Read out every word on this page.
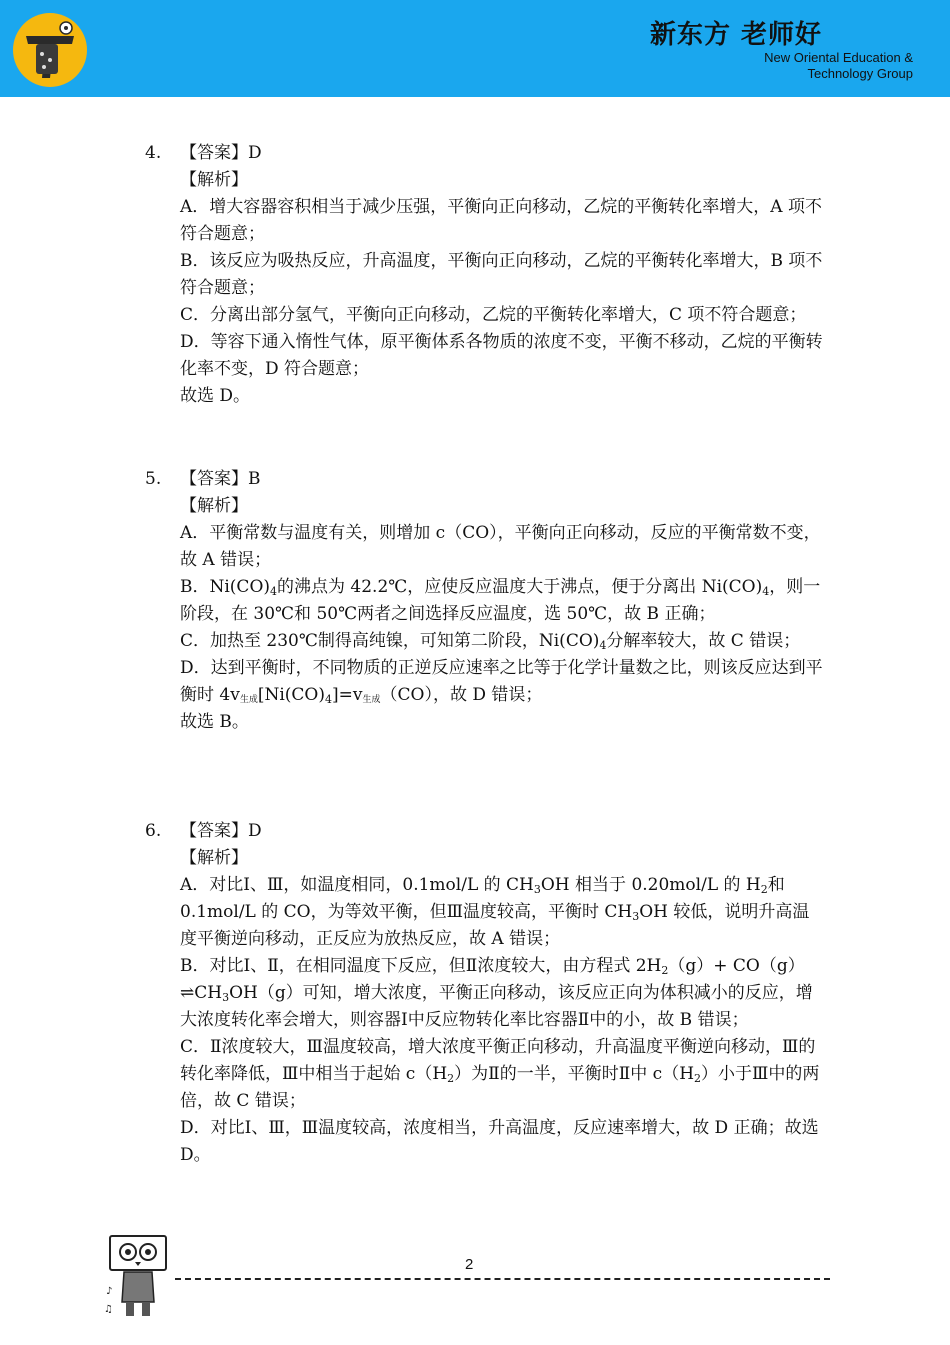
新东方 老师好
New Oriental Education &
Technology Group
4. 【答案】D

【解析】

A．增大容器容积相当于减少压强，平衡向正向移动，乙烷的平衡转化率增大，A 项不符合题意；

B．该反应为吸热反应，升高温度，平衡向正向移动，乙烷的平衡转化率增大，B 项不符合题意；

C．分离出部分氢气，平衡向正向移动，乙烷的平衡转化率增大，C 项不符合题意；

D．等容下通入惰性气体，原平衡体系各物质的浓度不变，平衡不移动，乙烷的平衡转化率不变，D 符合题意；

故选 D。

5. 【答案】B

【解析】

A．平衡常数与温度有关，则增加 c（CO），平衡向正向移动，反应的平衡常数不变，故 A 错误；

B．$Ni(CO)_4$的沸点为 42.2℃，应使反应温度大于沸点，便于分离出 $Ni(CO)_4$，则一阶段，在 30℃和 50℃两者之间选择反应温度，选 50℃，故 B 正确；

C．加热至 230℃制得高纯镍，可知第二阶段，$Ni(CO)_4$分解率较大，故 C 错误；

D．达到平衡时，不同物质的正逆反应速率之比等于化学计量数之比，则该反应达到平衡时 $4v_{生成}[Ni(CO)_4]=v_{生成}(CO)$，故 D 错误；

故选 B。

6. 【答案】D

【解析】

A．对比Ⅰ、Ⅲ，如温度相同，0.1mol/L 的 $CH_3OH$ 相当于 0.20mol/L 的 $H_2$和 0.1mol/L 的 CO，为等效平衡，但Ⅲ温度较高，平衡时 $CH_3OH$ 较低，说明升高温度平衡逆向移动，正反应为放热反应，故 A 错误；

B．对比Ⅰ、Ⅱ，在相同温度下反应，但Ⅱ浓度较大，由方程式 $2H_2(g)+$ $CO(g)\rightleftharpoons CH_3OH(g)$可知，增大浓度，平衡正向移动，该反应正向为体积减小的反应，增大浓度转化率会增大，则容器Ⅰ中反应物转化率比容器Ⅱ中的小，故 B 错误；

C．Ⅱ浓度较大，Ⅲ温度较高，增大浓度平衡正向移动，升高温度平衡逆向移动，Ⅲ的转化率降低，Ⅲ中相当于起始 $c(H_2)$为Ⅱ的一半，平衡时Ⅱ中 $c(H_2)$小于Ⅲ中的两倍，故 C 错误；

D．对比Ⅰ、Ⅲ，Ⅲ温度较高，浓度相当，升高温度，反应速率增大，故 D 正确；故选 D。

♪
♫
2
